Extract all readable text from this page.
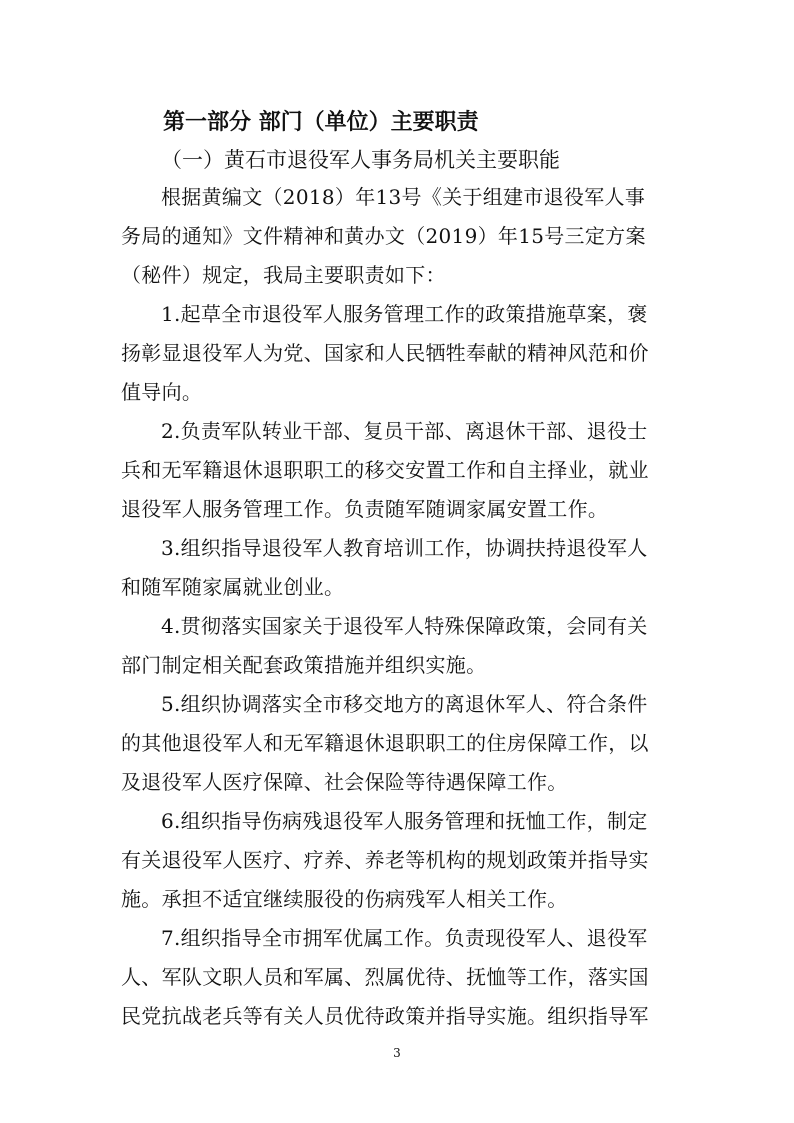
第一部分 部门（单位）主要职责
（一）黄石市退役军人事务局机关主要职能

根据黄编文（2018）年13号《关于组建市退役军人事
务局的通知》文件精神和黄办文（2019）年15号三定方案
（秘件）规定，我局主要职责如下：

1.起草全市退役军人服务管理工作的政策措施草案，褒
扬彰显退役军人为党、国家和人民牺牲奉献的精神风范和价
值导向。

2.负责军队转业干部、复员干部、离退休干部、退役士
兵和无军籍退休退职职工的移交安置工作和自主择业，就业
退役军人服务管理工作。负责随军随调家属安置工作。

3.组织指导退役军人教育培训工作，协调扶持退役军人
和随军随家属就业创业。

4.贯彻落实国家关于退役军人特殊保障政策，会同有关
部门制定相关配套政策措施并组织实施。

5.组织协调落实全市移交地方的离退休军人、符合条件
的其他退役军人和无军籍退休退职职工的住房保障工作，以
及退役军人医疗保障、社会保险等待遇保障工作。

6.组织指导伤病残退役军人服务管理和抚恤工作，制定
有关退役军人医疗、疗养、养老等机构的规划政策并指导实
施。承担不适宜继续服役的伤病残军人相关工作。

7.组织指导全市拥军优属工作。负责现役军人、退役军
人、军队文职人员和军属、烈属优待、抚恤等工作，落实国
民党抗战老兵等有关人员优待政策并指导实施。组织指导军

3
